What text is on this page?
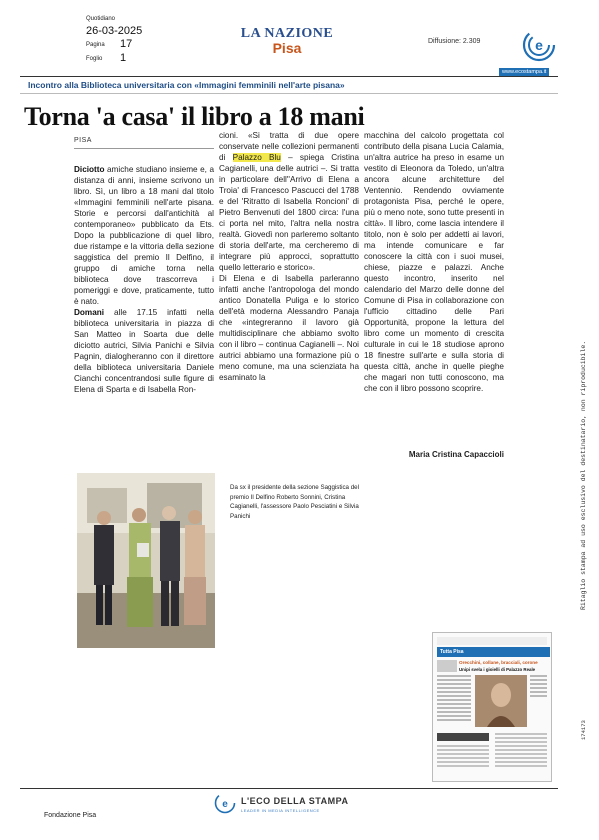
Quotidiano
26-03-2025
Pagina 17
Foglio 1
LA NAZIONE
Pisa	Diffusione: 2.309	e
www.ecostampa.it
Incontro alla Biblioteca universitaria con «Immagini femminili nell'arte pisana»
Torna 'a casa' il libro a 18 mani
PISA

Diciotto amiche studiano insieme e, a distanza di anni, insieme scrivono un libro. Sì, un libro a 18 mani dal titolo «Immagini femminili nell'arte pisana. Storie e percorsi dall'antichità al contemporaneo» pubblicato da Ets. Dopo la pubblicazione di quel libro, due ristampe e la vittoria della sezione saggistica del premio Il Delfino, il gruppo di amiche torna nella biblioteca dove trascorreva i pomeriggi e dove, praticamente, tutto è nato.

Domani alle 17.15 infatti nella biblioteca universitaria in piazza di San Matteo in Soarta due delle diciotto autrici, Silvia Panichi e Silvia Pagnin, dialogheranno con il direttore della biblioteca universitaria Daniele Cianchi concentrandosi sulle figure di Elena di Sparta e di Isabella Ron-

cioni. «Si tratta di due opere conservate nelle collezioni permanenti di Palazzo Blu – spiega Cristina Cagianelli, una delle autrici –. Si tratta in particolare dell''Arrivo di Elena a Troia' di Francesco Pascucci del 1788 e del 'Ritratto di Isabella Roncioni' di Pietro Benvenuti del 1800 circa: l'una ci porta nel mito, l'altra nella nostra realtà. Giovedì non parleremo soltanto di storia dell'arte, ma cercheremo di integrare più approcci, soprattutto quello letterario e storico».

Di Elena e di Isabella parleranno infatti anche l'antropologa del mondo antico Donatella Puliga e lo storico dell'età moderna Alessandro Panaja che «integreranno il lavoro già multidisciplinare che abbiamo svolto con il libro – continua Cagianelli –. Noi autrici abbiamo una formazione più o meno comune, ma una scienziata ha esaminato la

macchina del calcolo progettata col contributo della pisana Lucia Calamia, un'altra autrice ha preso in esame un vestito di Eleonora da Toledo, un'altra ancora alcune architetture del Ventennio. Rendendo ovviamente protagonista Pisa, perché le opere, più o meno note, sono tutte presenti in città». Il libro, come lascia intendere il titolo, non è solo per addetti ai lavori, ma intende comunicare e far conoscere la città con i suoi musei, chiese, piazze e palazzi. Anche questo incontro, inserito nel calendario del Marzo delle donne del Comune di Pisa in collaborazione con l'ufficio cittadino delle Pari Opportunità, propone la lettura del libro come un momento di crescita culturale in cui le 18 studiose aprono 18 finestre sull'arte e sulla storia di questa città, anche in quelle pieghe che magari non tutti conoscono, ma che con il libro possono scoprire.

Maria Cristina Capaccioli
Da sx il presidente della sezione Saggistica del premio Il Delfino Roberto Sonnini, Cristina Cagianelli, l'assessore Paolo Pesciatini e Silvia Panichi	Ritaglio stampa ad uso esclusivo del destinatario, non riproducibile.
174173
Tutta Pisa
Orecchini, collane, bracciali, corone
Unipi svela i gioielli di Palazzo Reale
e L'ECO DELLA STAMPA
LEADER IN MEDIA INTELLIGENCE
Fondazione Pisa
